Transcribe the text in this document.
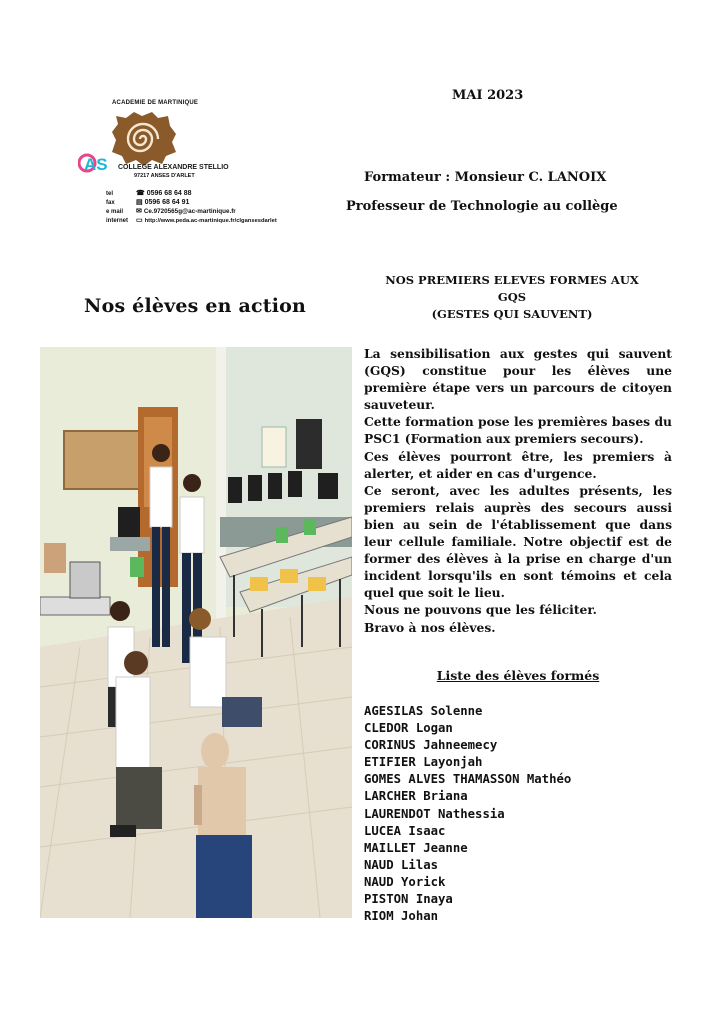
ACADEMIE DE MARTINIQUE
AS COLLEGE ALEXANDRE STELLIO
97217 ANSES D'ARLET
tel	☎ 0596 68 64 88
fax	▤ 0596 68 64 91
e mail ✉ Ce.9720565g@ac-martinique.fr
internet ▭ http://www.peda.ac-martinique.fr/clgansesdarlet
MAI 2023
Formateur : Monsieur C. LANOIX
Professeur de Technologie au collège
Nos élèves en action
NOS PREMIERS ELEVES FORMES AUX
GQS
(GESTES QUI SAUVENT)

La sensibilisation aux gestes qui sauvent (GQS) constitue pour les élèves une première étape vers un parcours de citoyen sauveteur.

Cette formation pose les premières bases du PSC1 (Formation aux premiers secours).

Ces élèves pourront être, les premiers à alerter, et aider en cas d'urgence.

Ce seront, avec les adultes présents, les premiers relais auprès des secours aussi bien au sein de l'établissement que dans leur cellule familiale. Notre objectif est de former des élèves à la prise en charge d'un incident lorsqu'ils en sont témoins et cela quel que soit le lieu.

Nous ne pouvons que les féliciter.

Bravo à nos élèves.

Liste des élèves formés
AGESILAS Solenne
CLEDOR Logan
CORINUS Jahneemecy
ETIFIER Layonjah
GOMES ALVES THAMASSON Mathéo
LARCHER Briana
LAURENDOT Nathessia
LUCEA Isaac
MAILLET Jeanne
NAUD Lilas
NAUD Yorick
PISTON Inaya
RIOM Johan
